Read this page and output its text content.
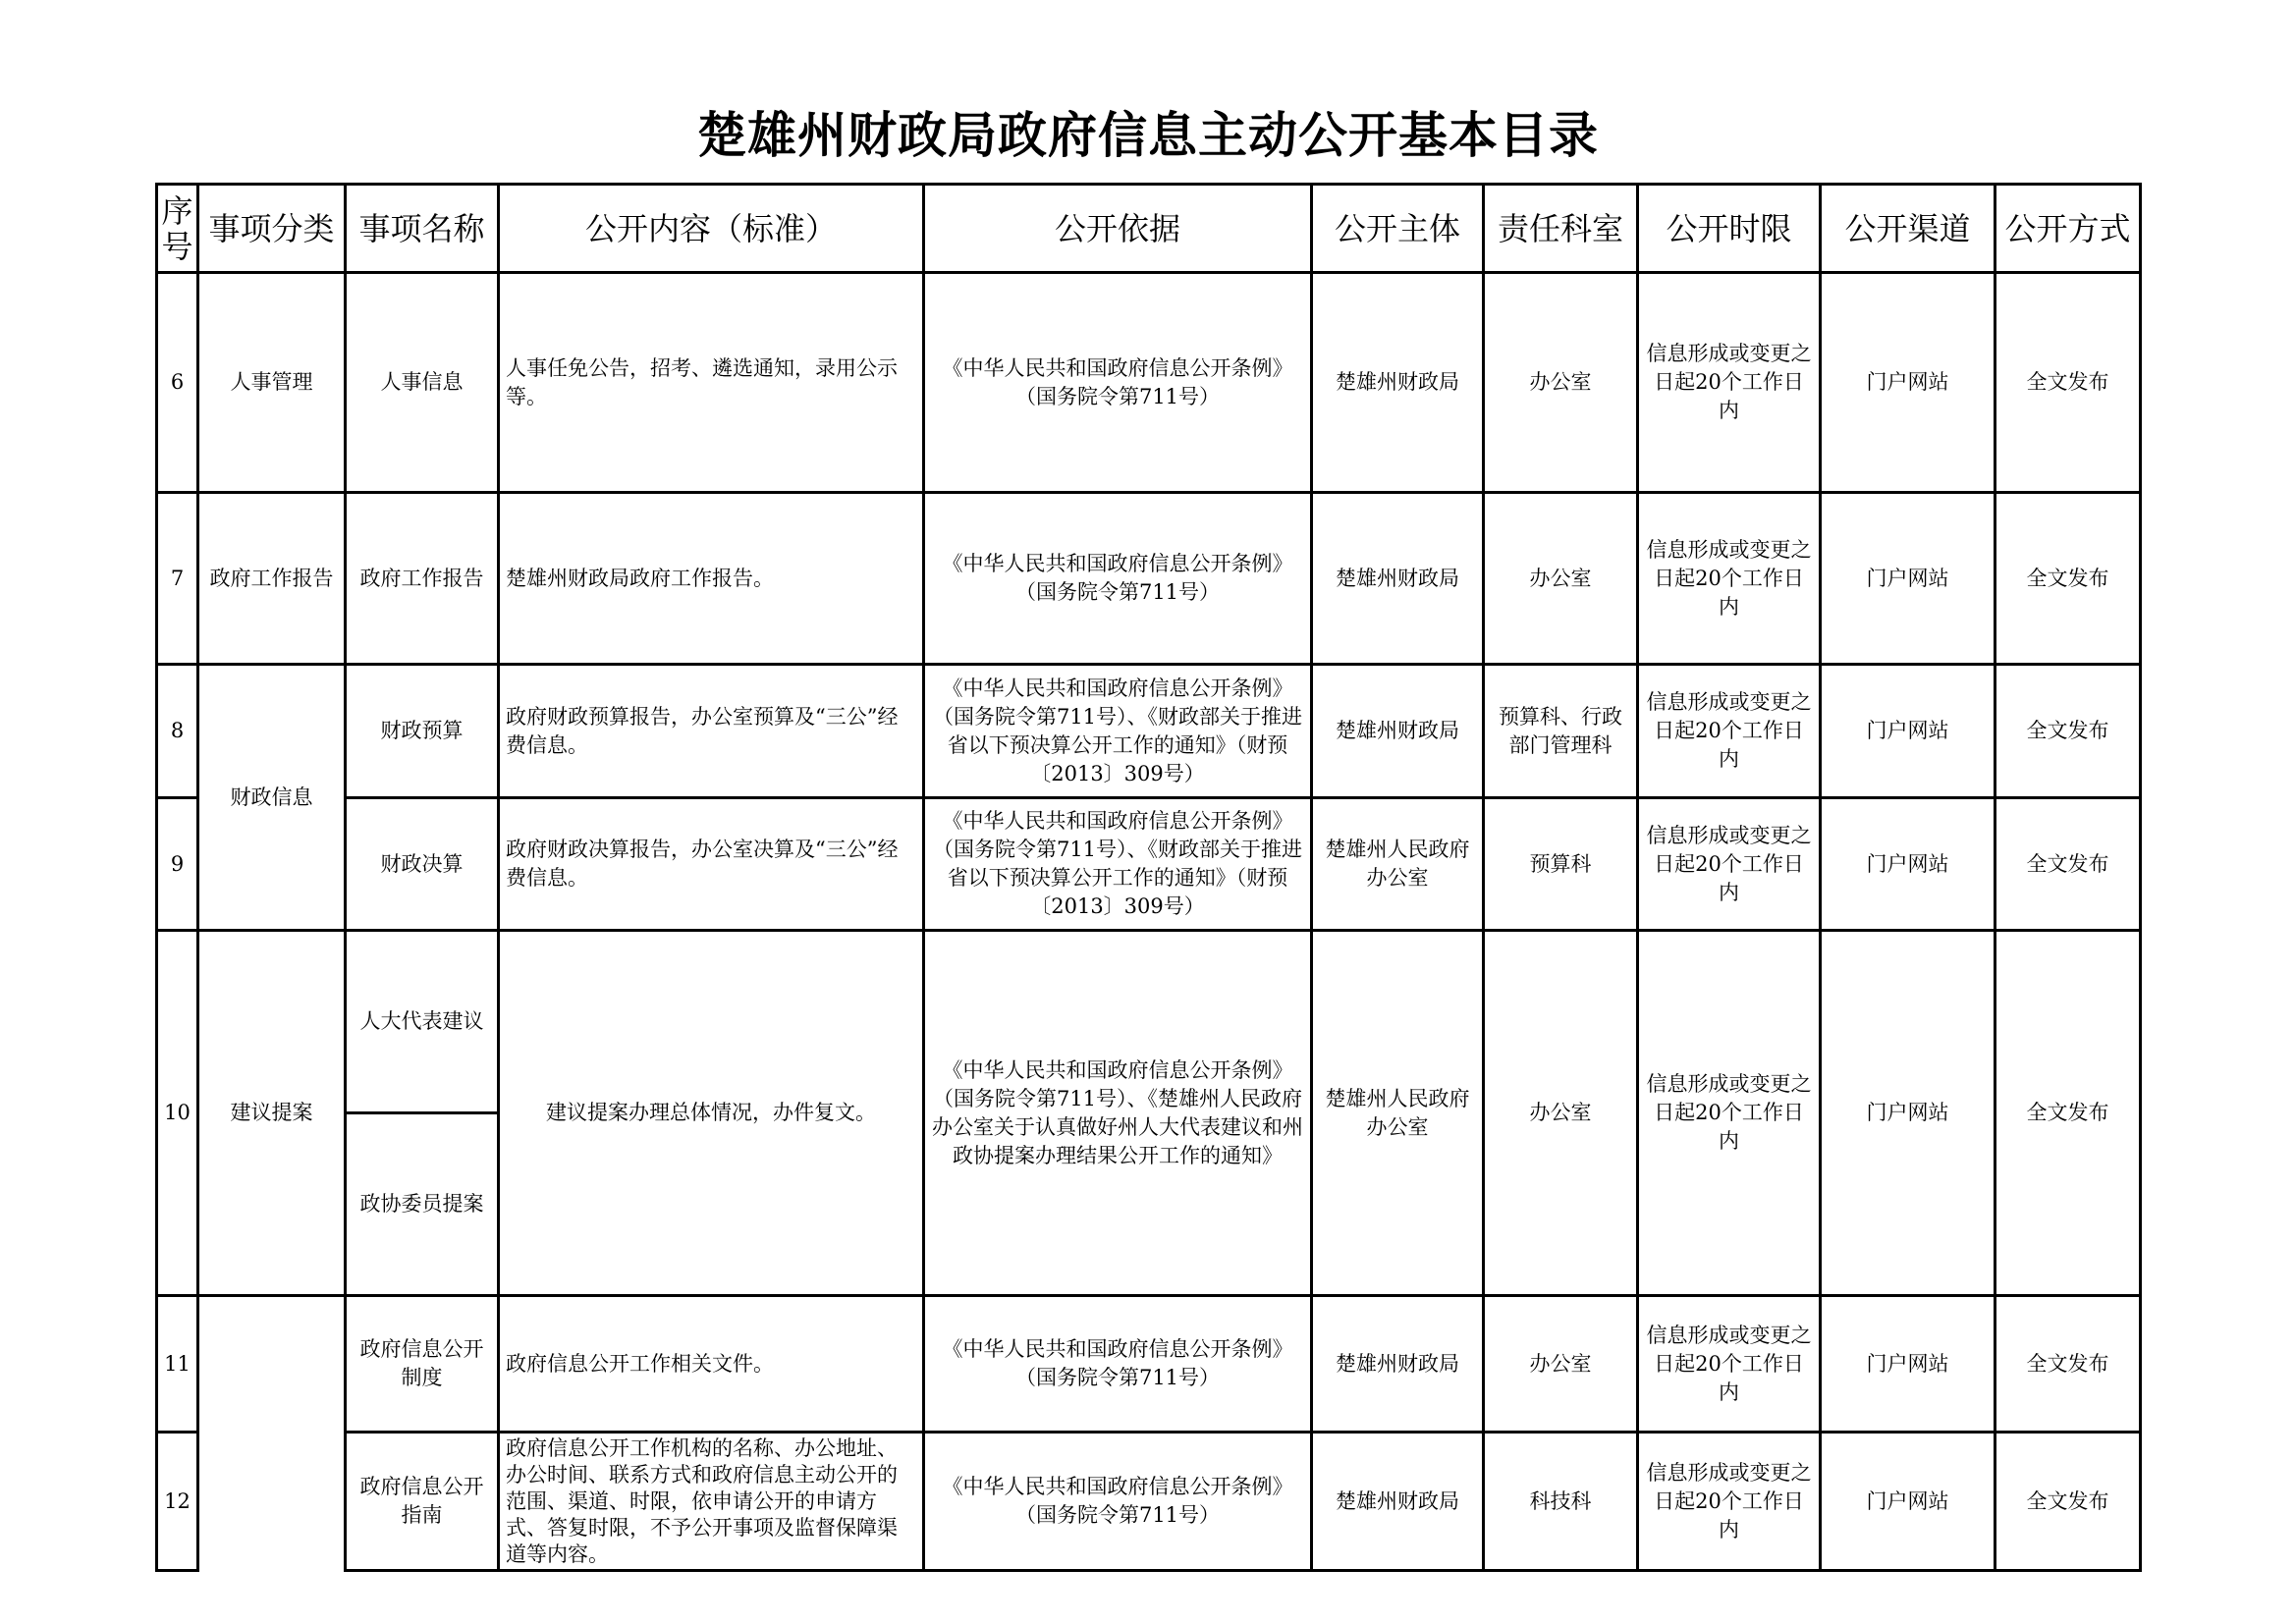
楚雄州财政局政府信息主动公开基本目录
序号	事项分类	事项名称	公开内容（标准）	公开依据	公开主体	责任科室	公开时限	公开渠道	公开方式
6	人事管理	人事信息	人事任免公告，招考、遴选通知，录用公示等。	《中华人民共和国政府信息公开条例》（国务院令第711号）	楚雄州财政局	办公室	信息形成或变更之日起20个工作日内	门户网站	全文发布
7	政府工作报告	政府工作报告	楚雄州财政局政府工作报告。	《中华人民共和国政府信息公开条例》（国务院令第711号）	楚雄州财政局	办公室	信息形成或变更之日起20个工作日内	门户网站	全文发布
8	财政信息	财政预算	政府财政预算报告，办公室预算及“三公”经费信息。	《中华人民共和国政府信息公开条例》（国务院令第711号）、《财政部关于推进省以下预决算公开工作的通知》（财预〔2013〕309号）	楚雄州财政局	预算科、行政部门管理科	信息形成或变更之日起20个工作日内	门户网站	全文发布
9		财政决算	政府财政决算报告，办公室决算及“三公”经费信息。	《中华人民共和国政府信息公开条例》（国务院令第711号）、《财政部关于推进省以下预决算公开工作的通知》（财预〔2013〕309号）	楚雄州人民政府办公室	预算科	信息形成或变更之日起20个工作日内	门户网站	全文发布
10	建议提案	人大代表建议	建议提案办理总体情况，办件复文。	《中华人民共和国政府信息公开条例》（国务院令第711号）、《楚雄州人民政府办公室关于认真做好州人大代表建议和州政协提案办理结果公开工作的通知》	楚雄州人民政府办公室	办公室	信息形成或变更之日起20个工作日内	门户网站	全文发布
		政协委员提案							
11		政府信息公开制度	政府信息公开工作相关文件。	《中华人民共和国政府信息公开条例》（国务院令第711号）	楚雄州财政局	办公室	信息形成或变更之日起20个工作日内	门户网站	全文发布
12		政府信息公开指南	政府信息公开工作机构的名称、办公地址、办公时间、联系方式和政府信息主动公开的范围、渠道、时限，依申请公开的申请方式、答复时限，不予公开事项及监督保障渠道等内容。	《中华人民共和国政府信息公开条例》（国务院令第711号）	楚雄州财政局	科技科	信息形成或变更之日起20个工作日内	门户网站	全文发布
